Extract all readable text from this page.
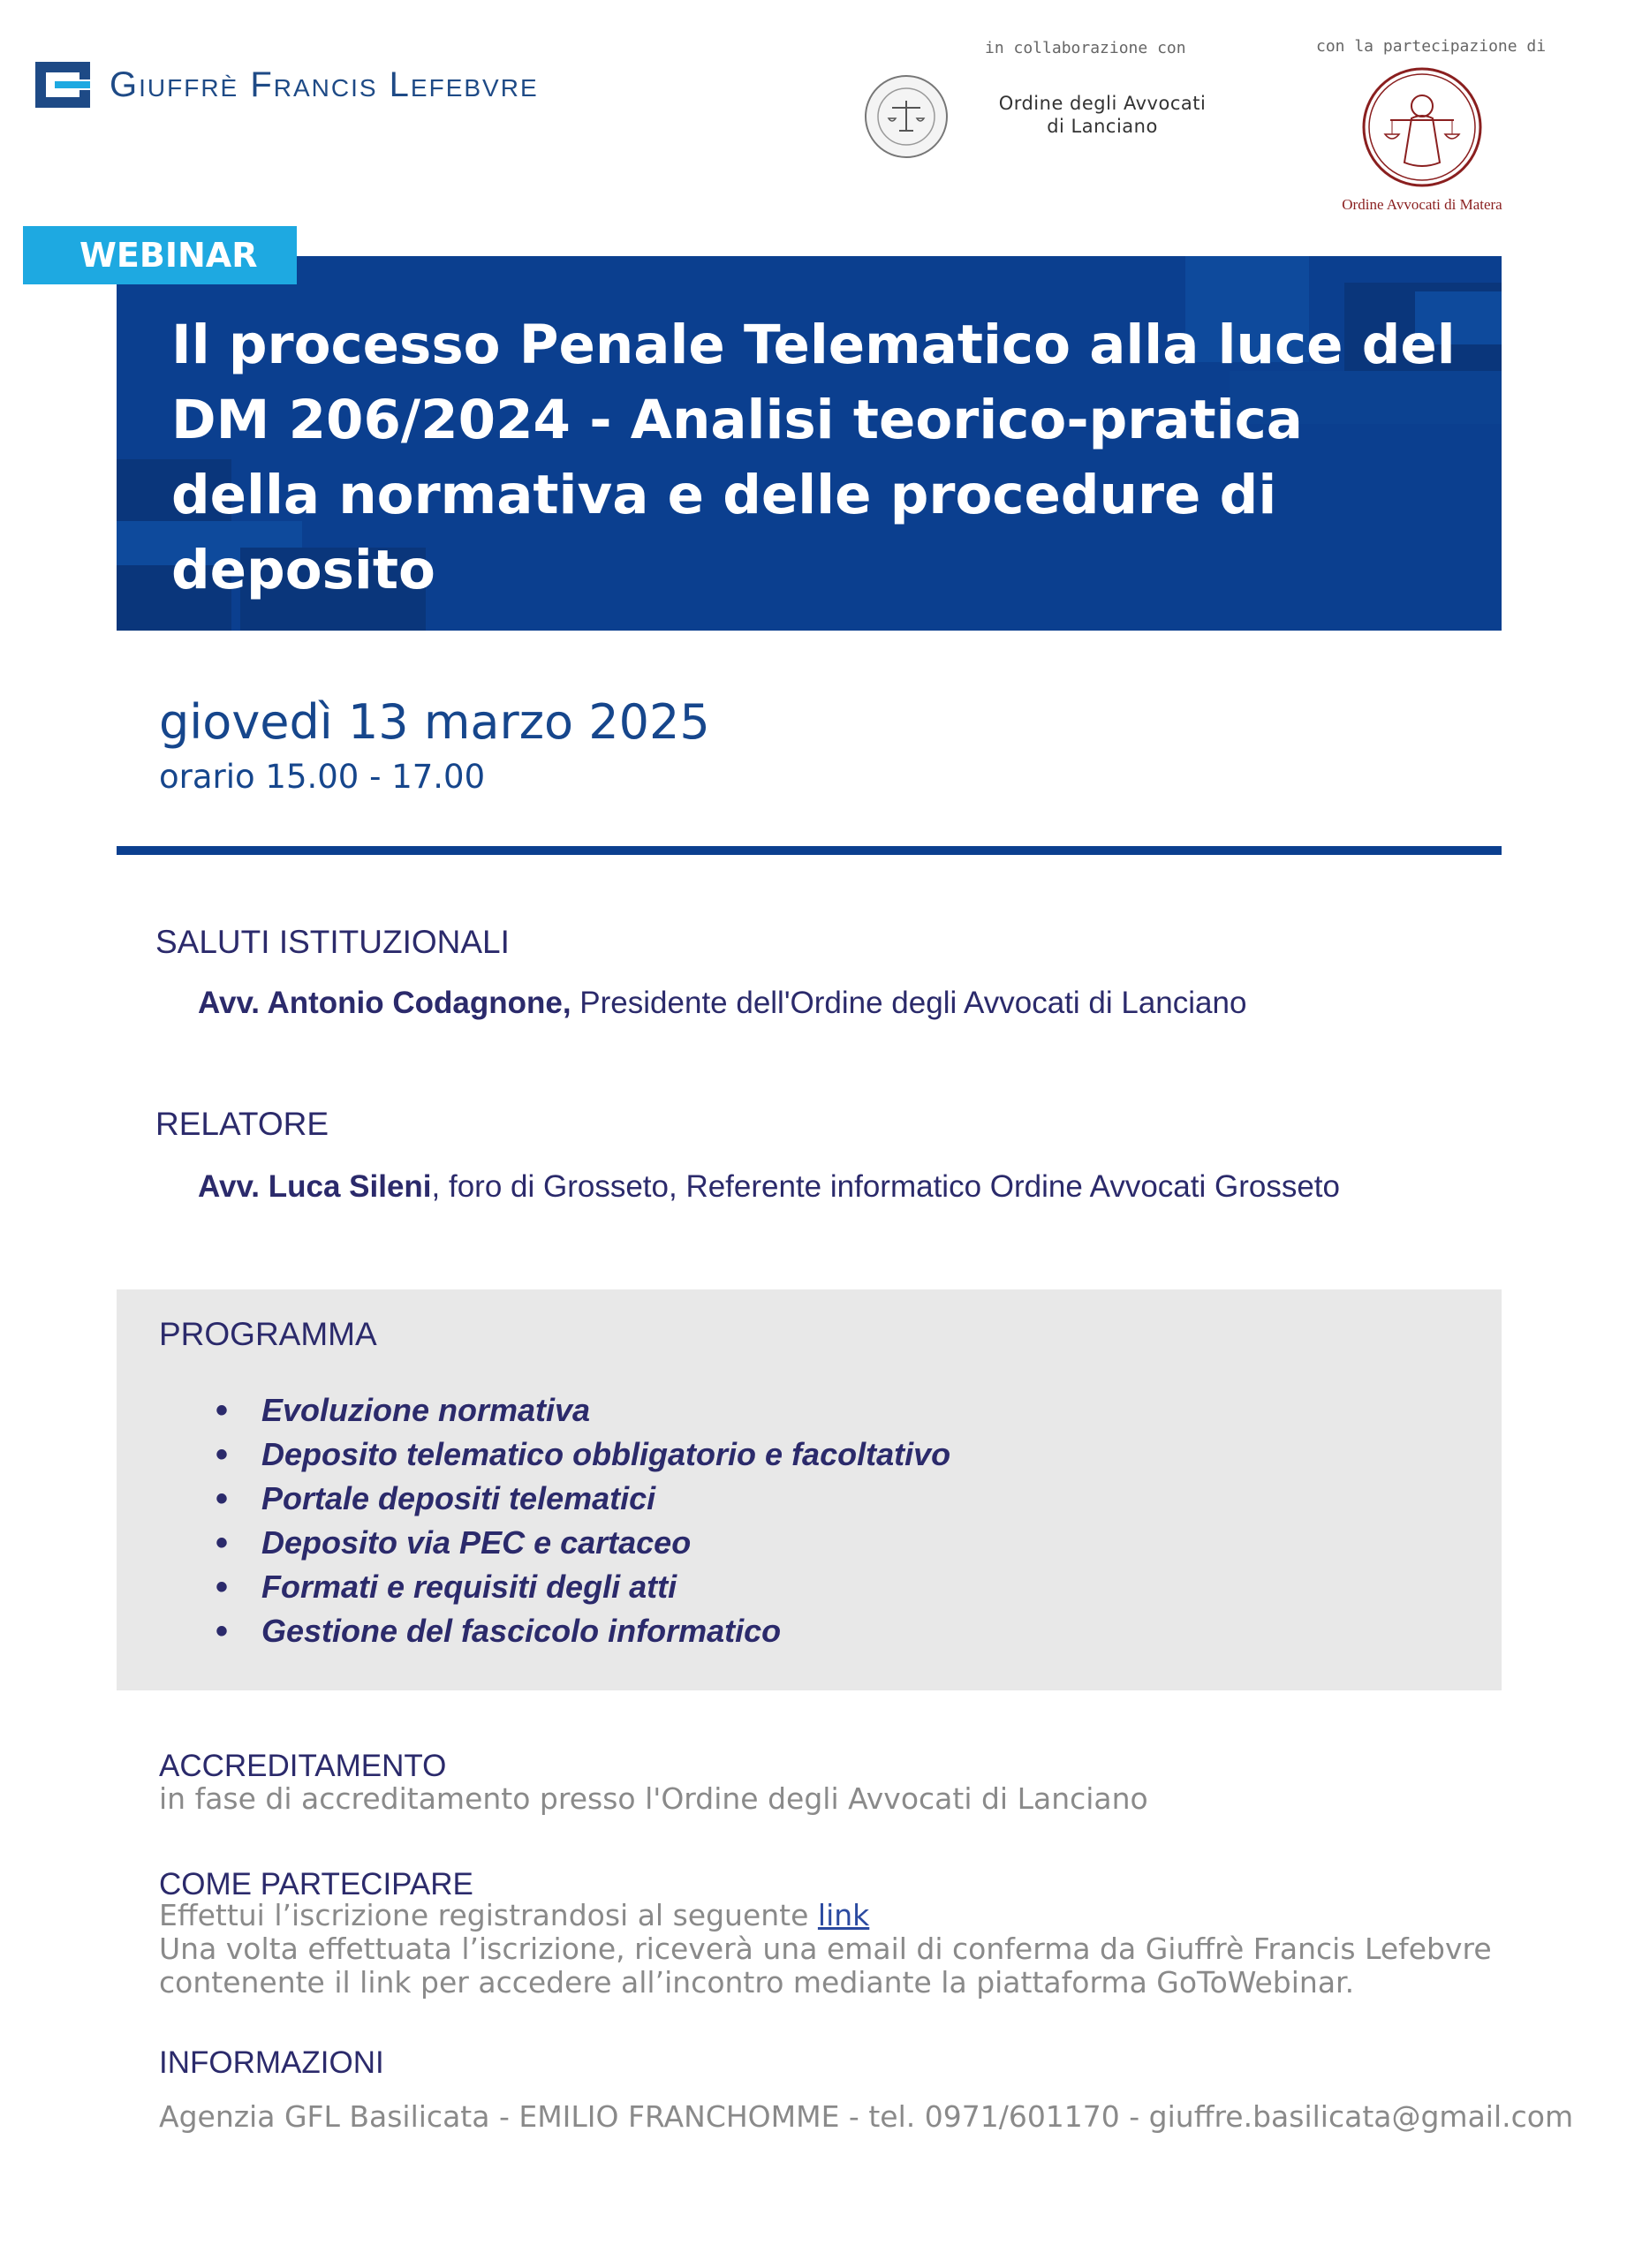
Giuffrè Francis Lefebvre
in collaborazione con	con la partecipazione di
Ordine degli Avvocati
di Lanciano
Ordine Avvocati di Matera
Il processo Penale Telematico alla luce del DM 206/2024 - Analisi teorico-pratica della normativa e delle procedure di deposito
WEBINAR
giovedì 13 marzo 2025
orario 15.00 - 17.00
SALUTI ISTITUZIONALI
Avv. Antonio Codagnone, Presidente dell'Ordine degli Avvocati di Lanciano
RELATORE
Avv. Luca Sileni, foro di Grosseto, Referente informatico Ordine Avvocati Grosseto
PROGRAMMA
• Evoluzione normativa
• Deposito telematico obbligatorio e facoltativo
• Portale depositi telematici
• Deposito via PEC e cartaceo
• Formati e requisiti degli atti
• Gestione del fascicolo informatico
ACCREDITAMENTO
in fase di accreditamento presso l'Ordine degli Avvocati di Lanciano
COME PARTECIPARE
Effettui l’iscrizione registrandosi al seguente link
Una volta effettuata l’iscrizione, riceverà una email di conferma da Giuffrè Francis Lefebvre
contenente il link per accedere all’incontro mediante la piattaforma GoToWebinar.
INFORMAZIONI
Agenzia GFL Basilicata - EMILIO FRANCHOMME - tel. 0971/601170 - giuffre.basilicata@gmail.com
